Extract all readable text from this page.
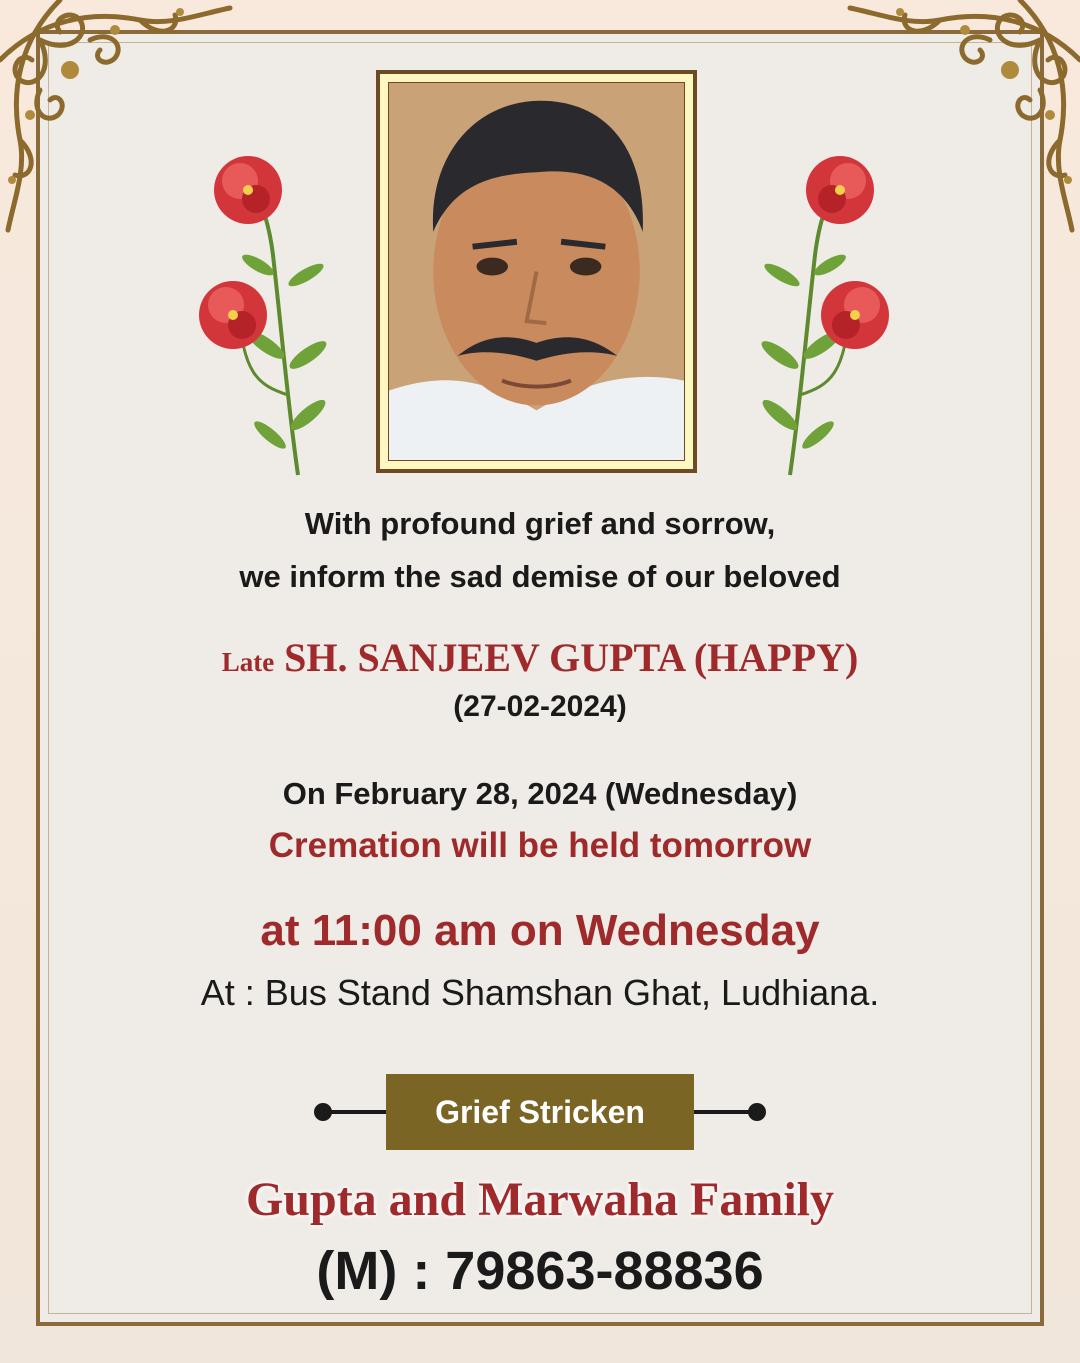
With profound grief and sorrow,
we inform the sad demise of our beloved
Late SH. SANJEEV GUPTA (HAPPY)
(27-02-2024)
On February 28, 2024 (Wednesday)
Cremation will be held tomorrow
at 11:00 am on Wednesday
At : Bus Stand Shamshan Ghat, Ludhiana.
Grief Stricken
Gupta and Marwaha Family
(M) : 79863-88836
